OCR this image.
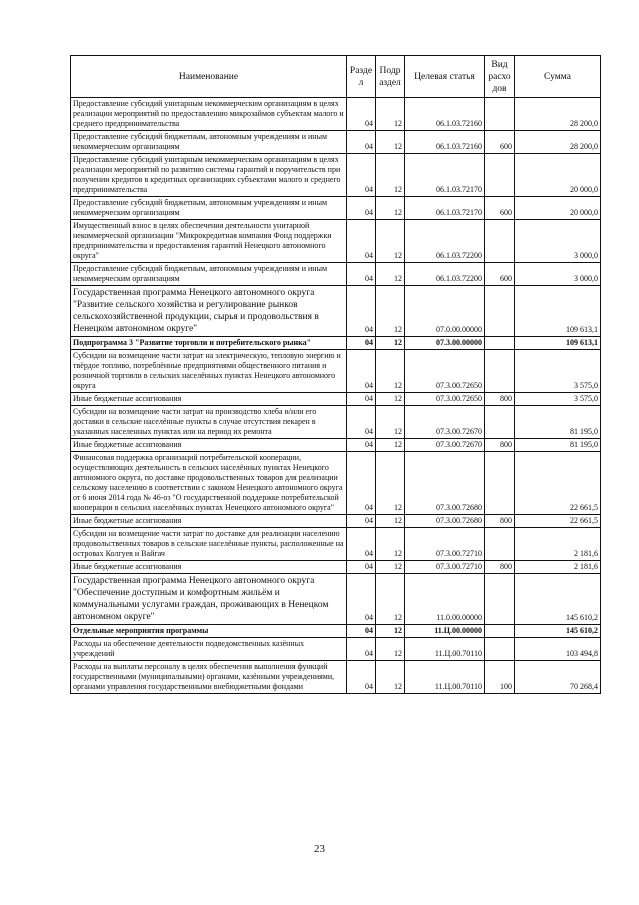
Наименование	Разде л	Подр аздел	Целевая статья	Вид расхо дов	Сумма
Предоставление субсидий унитарным некоммерческим организациям в целях реализации мероприятий по предоставлению микрозаймов субъектам малого и среднего предпринимательства	04	12	06.1.03.72160		28 200,0
Предоставление субсидий бюджетным, автономным учреждениям и иным некоммерческим организациям	04	12	06.1.03.72160	600	28 200,0
Предоставление субсидий унитарным некоммерческим организациям в целях реализации мероприятий по развитию системы гарантий и поручительств при получении кредитов в кредитных организациях субъектами малого и среднего предпринимательства	04	12	06.1.03.72170		20 000,0
Предоставление субсидий бюджетным, автономным учреждениям и иным некоммерческим организациям	04	12	06.1.03.72170	600	20 000,0
Имущественный взнос в целях обеспечения деятельности унитарной некоммерческой организации "Микрокредитная компания Фонд поддержки предпринимательства и предоставления гарантий Ненецкого автономного округа"	04	12	06.1.03.72200		3 000,0
Предоставление субсидий бюджетным, автономным учреждениям и иным некоммерческим организациям	04	12	06.1.03.72200	600	3 000,0
Государственная программа Ненецкого автономного округа "Развитие сельского хозяйства и регулирование рынков сельскохозяйственной продукции, сырья и продовольствия в Ненецком автономном округе"	04	12	07.0.00.00000		109 613,1
Подпрограмма 3 "Развитие торговли и потребительского рынка"	04	12	07.3.00.00000		109 613,1
Субсидии на возмещение части затрат на электрическую, тепловую энергию и твёрдое топливо, потреблённые предприятиями общественного питания и розничной торговли в сельских населённых пунктах Ненецкого автономного округа	04	12	07.3.00.72650		3 575,0
Иные бюджетные ассигнования	04	12	07.3.00.72650	800	3 575,0
Субсидии на возмещение части затрат на производство хлеба и/или его доставки в сельские населённые пункты в случае отсутствия пекарен в указанных населенных пунктах или на период их ремонта	04	12	07.3.00.72670		81 195,0
Иные бюджетные ассигнования	04	12	07.3.00.72670	800	81 195,0
Финансовая поддержка организаций потребительской кооперации, осуществляющих деятельность в сельских населённых пунктах Ненецкого автономного округа, по доставке продовольственных товаров для реализации сельскому населению в соответствии с законом Ненецкого автономного округа от 6 июня 2014 года № 46-оз "О государственной поддержке потребительской кооперации в сельских населённых пунктах Ненецкого автономного округа"	04	12	07.3.00.72680		22 661,5
Иные бюджетные ассигнования	04	12	07.3.00.72680	800	22 661,5
Субсидии на возмещение части затрат по доставке для реализации населению продовольственных товаров в сельские населённые пункты, расположенные на островах Колгуев и Вайгач	04	12	07.3.00.72710		2 181,6
Иные бюджетные ассигнования	04	12	07.3.00.72710	800	2 181,6
Государственная программа Ненецкого автономного округа "Обеспечение доступным и комфортным жильём и коммунальными услугами граждан, проживающих в Ненецком автономном округе"	04	12	11.0.00.00000		145 610,2
Отдельные мероприятия программы	04	12	11.Ц.00.00000		145 610,2
Расходы на обеспечение деятельности подведомственных казённых учреждений	04	12	11.Ц.00.70110		103 494,8
Расходы на выплаты персоналу в целях обеспечения выполнения функций государственными (муниципальными) органами, казёнными учреждениями, органами управления государственными внебюджетными фондами	04	12	11.Ц.00.70110	100	70 268,4
23
